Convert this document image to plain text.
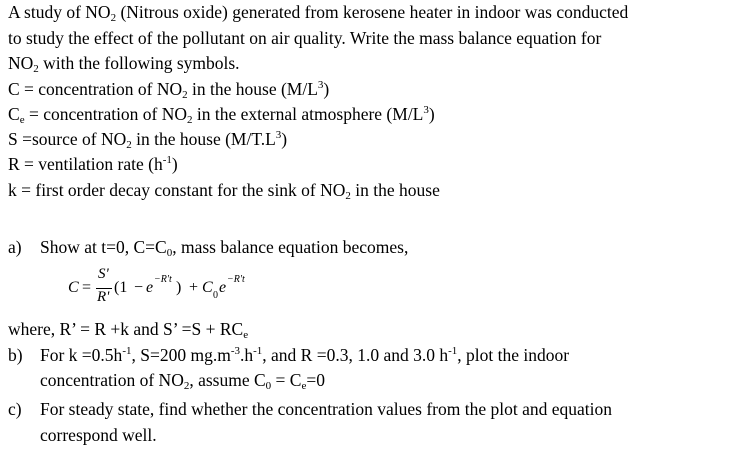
A study of $NO_2$ (Nitrous oxide) generated from kerosene heater in indoor was conducted
to study the effect of the pollutant on air quality. Write the mass balance equation for
$NO_2$ with the following symbols.
C = concentration of $NO_2$ in the house $(M/L^3)$
$C_e$ = concentration of $NO_2$ in the external atmosphere $(M/L^3)$
S =source of $NO_2$ in the house $(M/T.L^3)$
R = ventilation rate $(h^{-1})$
k = first order decay constant for the sink of $NO_2$ in the house
a) Show at t=0, $C=C_0$, mass balance equation becomes,
C =
S'
R'
(1 − e −R't ) + C 0 e −R't
where, R’ = R +k and S’ $=S + RC_e$
b) For $k =0.5h^{-1}$, S=200 $mg.m^{-3}.h^{-1}$, and R =0.3, 1.0 and 3.0 $h^{-1}$, plot the indoor
concentration of $NO_2$, assume $C_0 = C_e=0$
c) For steady state, find whether the concentration values from the plot and equation
correspond well.
